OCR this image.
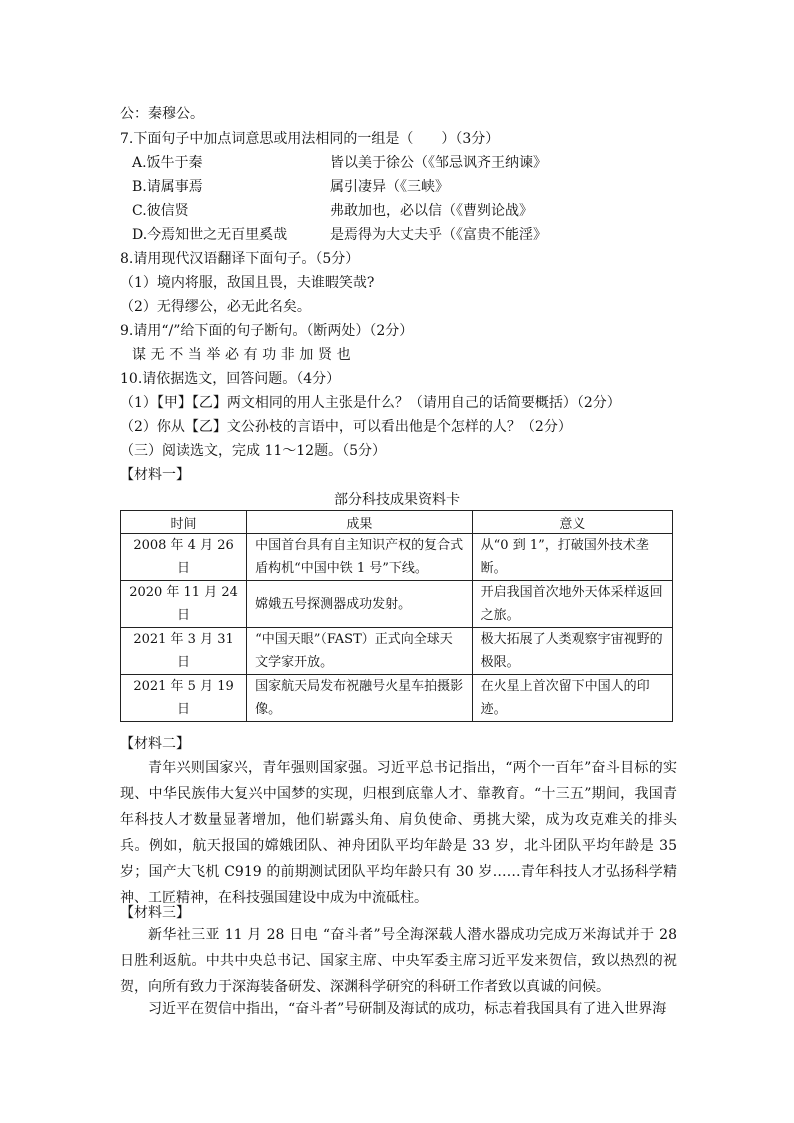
公：秦穆公。
7.下面句子中加点词意思或用法相同的一组是（　　）（3分）
A.饭牛于秦	皆以美于徐公（《邹忌讽齐王纳谏》
B.请属事焉	属引凄异（《三峡》
C.彼信贤	弗敢加也，必以信（《曹刿论战》
D.今焉知世之无百里奚哉	是焉得为大丈夫乎（《富贵不能淫》
8.请用现代汉语翻译下面句子。（5分）
（1）境内将服，敌国且畏，夫谁暇笑哉?
（2）无得缪公，必无此名矣。
9.请用“/”给下面的句子断句。（断两处）（2分）
谋无不当举必有功非加贤也
10.请依据选文，回答问题。（4分）
（1）【甲】【乙】两文相同的用人主张是什么？（请用自己的话简要概括）（2分）
（2）你从【乙】文公孙枝的言语中，可以看出他是个怎样的人？（2分）
（三）阅读选文，完成 11～12题。（5分）
【材料一】
部分科技成果资料卡
时间	成果	意义
2008 年 4 月 26 日	中国首台具有自主知识产权的复合式盾构机“中国中铁 1 号”下线。	从“0 到 1”，打破国外技术垄断。
2020 年 11 月 24 日	嫦娥五号探测器成功发射。	开启我国首次地外天体采样返回之旅。
2021 年 3 月 31 日	“中国天眼”（FAST）正式向全球天文学家开放。	极大拓展了人类观察宇宙视野的极限。
2021 年 5 月 19 日	国家航天局发布祝融号火星车拍摄影像。	在火星上首次留下中国人的印迹。
【材料二】
青年兴则国家兴，青年强则国家强。习近平总书记指出，“两个一百年”奋斗目标的实现、中华民族伟大复兴中国梦的实现，归根到底靠人才、靠教育。“十三五”期间，我国青年科技人才数量显著增加，他们崭露头角、肩负使命、勇挑大梁，成为攻克难关的排头兵。例如，航天报国的嫦娥团队、神舟团队平均年龄是 33 岁，北斗团队平均年龄是 35 岁；国产大飞机 C919 的前期测试团队平均年龄只有 30 岁……青年科技人才弘扬科学精神、工匠精神，在科技强国建设中成为中流砥柱。
【材料三】
新华社三亚 11 月 28 日电 “奋斗者”号全海深载人潜水器成功完成万米海试并于 28 日胜利返航。中共中央总书记、国家主席、中央军委主席习近平发来贺信，致以热烈的祝贺，向所有致力于深海装备研发、深渊科学研究的科研工作者致以真诚的问候。
习近平在贺信中指出，“奋斗者”号研制及海试的成功，标志着我国具有了进入世界海
